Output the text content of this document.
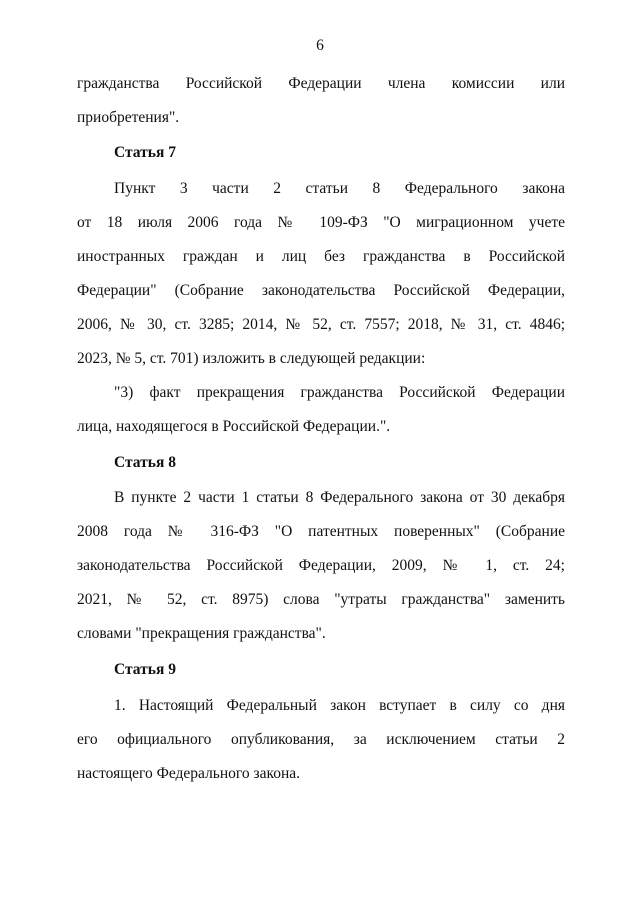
6
гражданства Российской Федерации члена комиссии или
приобретения".
Статья 7
Пункт 3 части 2 статьи 8 Федерального закона
от 18 июля 2006 года № 109-ФЗ "О миграционном учете
иностранных граждан и лиц без гражданства в Российской
Федерации" (Собрание законодательства Российской Федерации,
2006, № 30, ст. 3285; 2014, № 52, ст. 7557; 2018, № 31, ст. 4846;
2023, № 5, ст. 701) изложить в следующей редакции:
"3) факт прекращения гражданства Российской Федерации
лица, находящегося в Российской Федерации.".
Статья 8
В пункте 2 части 1 статьи 8 Федерального закона от 30 декабря
2008 года № 316-ФЗ "О патентных поверенных" (Собрание
законодательства Российской Федерации, 2009, № 1, ст. 24;
2021, № 52, ст. 8975) слова "утраты гражданства" заменить
словами "прекращения гражданства".
Статья 9
1. Настоящий Федеральный закон вступает в силу со дня
его официального опубликования, за исключением статьи 2
настоящего Федерального закона.
